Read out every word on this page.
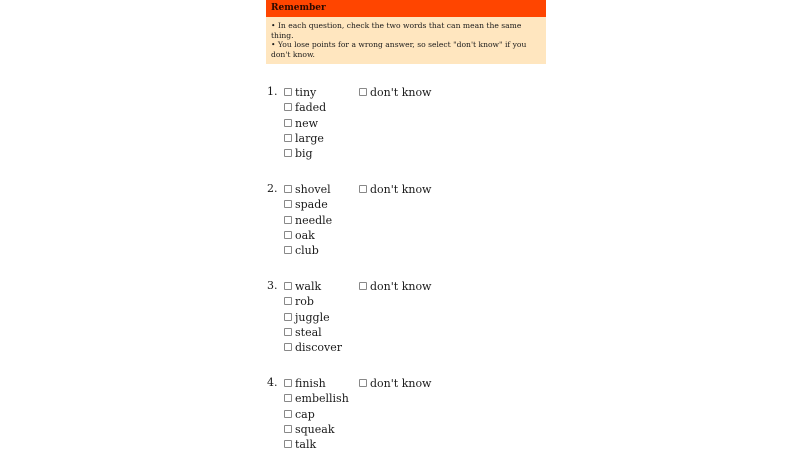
Remember
• In each question, check the two words that can mean the same thing.
• You lose points for a wrong answer, so select "don't know" if you don't know.
1.	tiny
faded
new
large
big
don't know
2.	shovel
spade
needle
oak
club
don't know
3.	walk
rob
juggle
steal
discover
don't know
4.	finish
embellish
cap
squeak
talk
don't know
